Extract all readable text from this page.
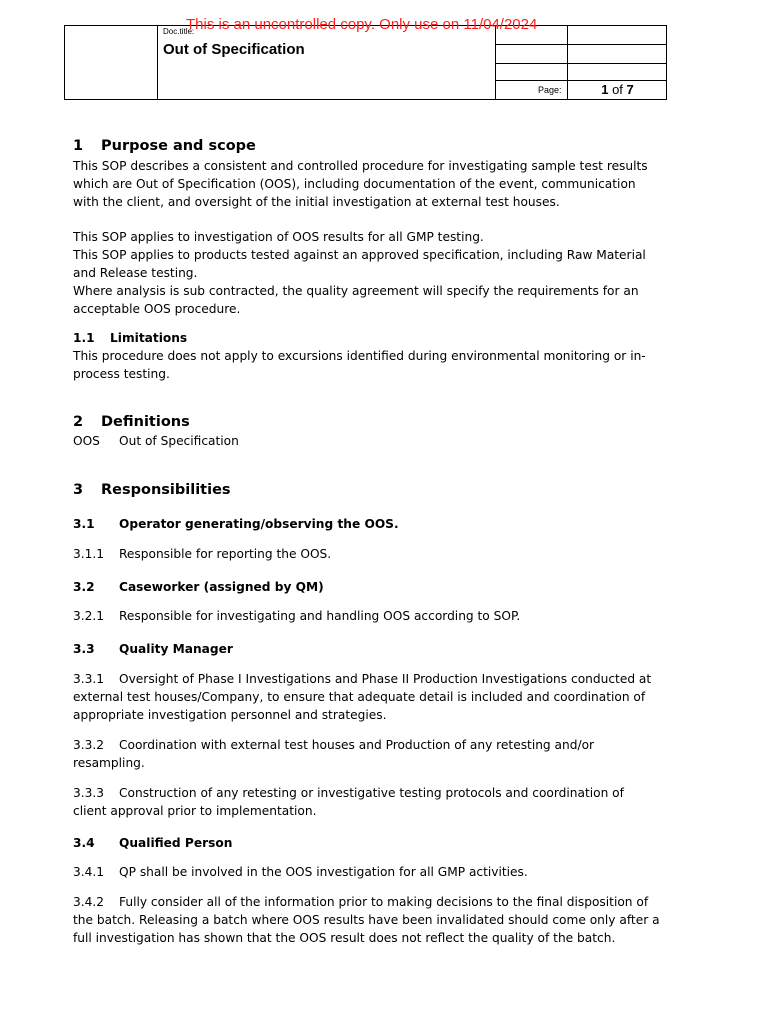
Doc.title:
Out of Specification
Page:	1 of 7
This is an uncontrolled copy. Only use on 11/04/2024
1 Purpose and scope
This SOP describes a consistent and controlled procedure for investigating sample test results
which are Out of Specification (OOS), including documentation of the event, communication
with the client, and oversight of the initial investigation at external test houses.
This SOP applies to investigation of OOS results for all GMP testing.
This SOP applies to products tested against an approved specification, including Raw Material
and Release testing.
Where analysis is sub contracted, the quality agreement will specify the requirements for an
acceptable OOS procedure.
1.1 Limitations
This procedure does not apply to excursions identified during environmental monitoring or in-
process testing.
2 Definitions
OOS Out of Specification
3 Responsibilities
3.1 Operator generating/observing the OOS.
3.1.1 Responsible for reporting the OOS.
3.2 Caseworker (assigned by QM)
3.2.1 Responsible for investigating and handling OOS according to SOP.
3.3 Quality Manager
3.3.1 Oversight of Phase I Investigations and Phase II Production Investigations conducted at
external test houses/Company, to ensure that adequate detail is included and coordination of
appropriate investigation personnel and strategies.
3.3.2 Coordination with external test houses and Production of any retesting and/or
resampling.
3.3.3 Construction of any retesting or investigative testing protocols and coordination of
client approval prior to implementation.
3.4 Qualified Person
3.4.1 QP shall be involved in the OOS investigation for all GMP activities.
3.4.2 Fully consider all of the information prior to making decisions to the final disposition of
the batch. Releasing a batch where OOS results have been invalidated should come only after a
full investigation has shown that the OOS result does not reflect the quality of the batch.
